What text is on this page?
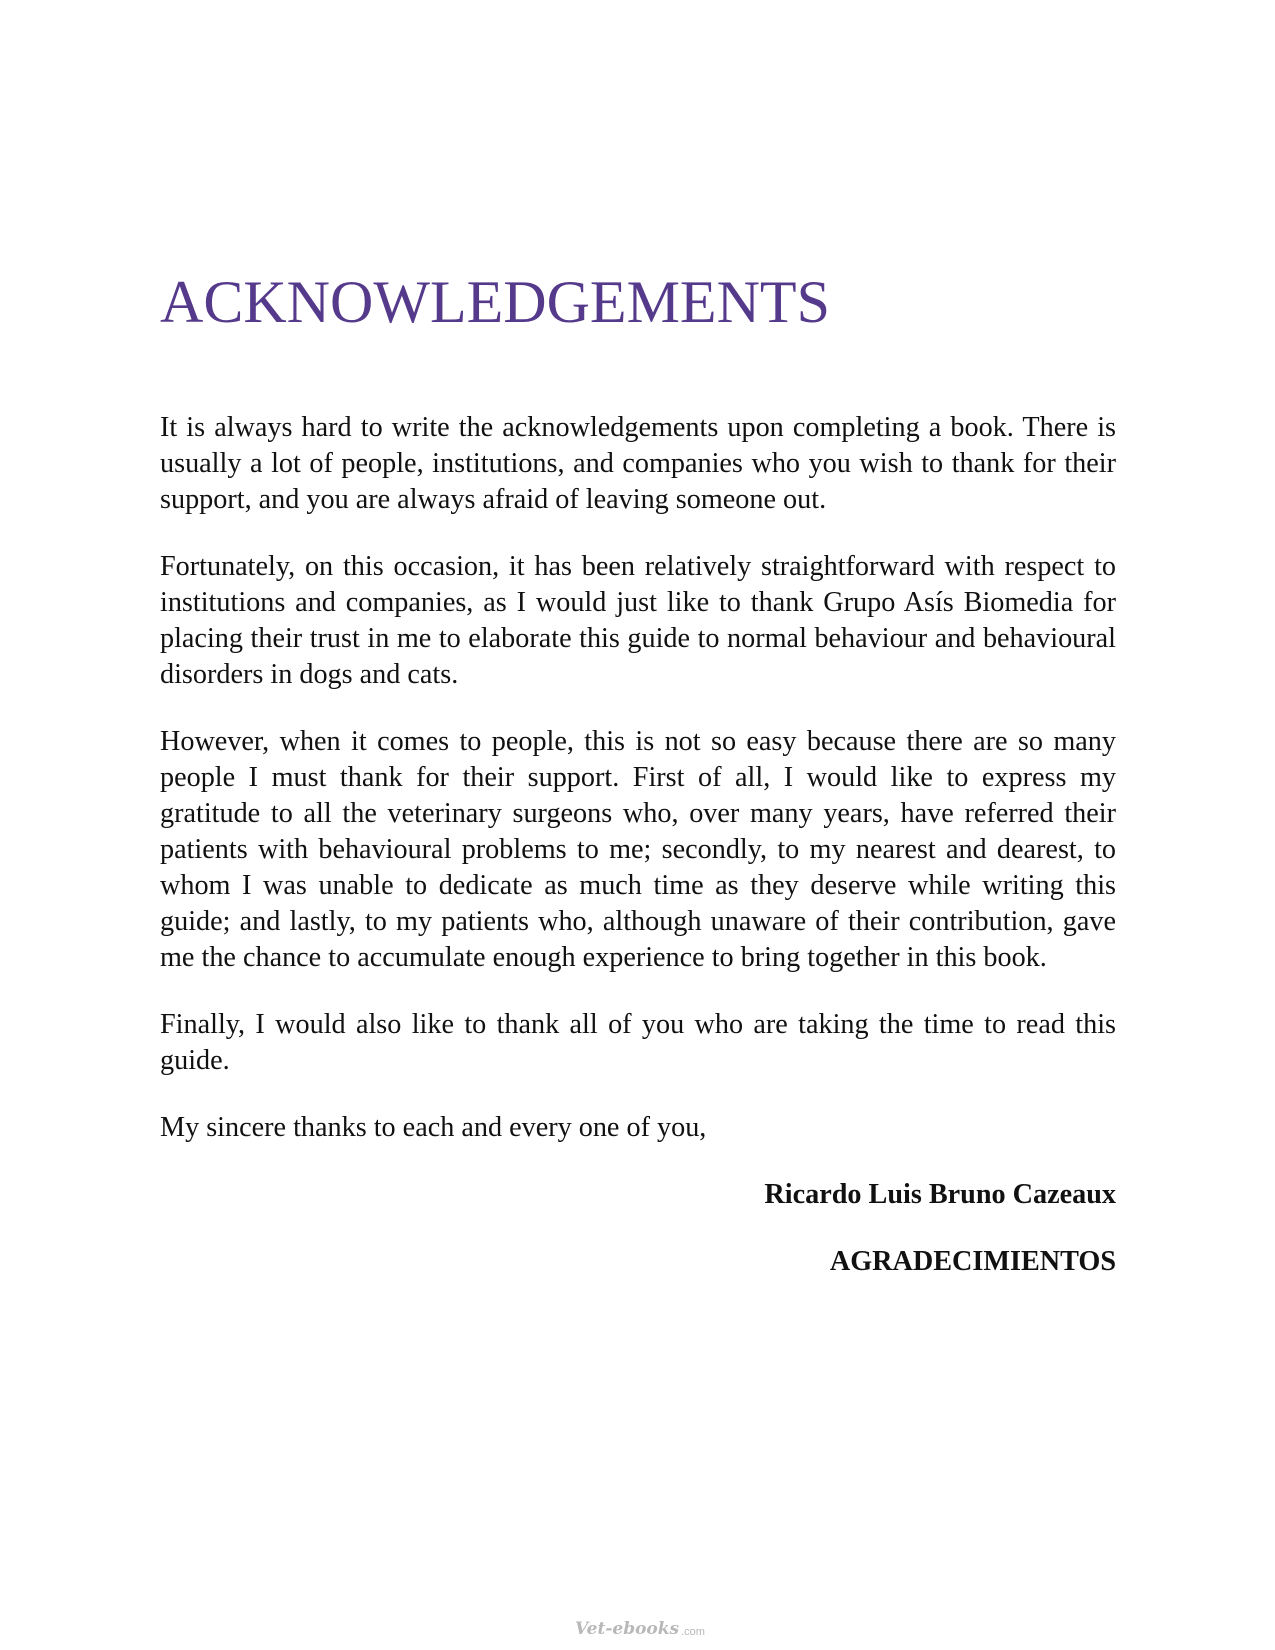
ACKNOWLEDGEMENTS

It is always hard to write the acknowledgements upon completing a book. There is usually a lot of people, institutions, and companies who you wish to thank for their support, and you are always afraid of leaving someone out.

Fortunately, on this occasion, it has been relatively straightforward with respect to institutions and companies, as I would just like to thank Grupo Asís Biomedia for placing their trust in me to elaborate this guide to normal behaviour and behavioural disorders in dogs and cats.

However, when it comes to people, this is not so easy because there are so many people I must thank for their support. First of all, I would like to express my gratitude to all the veterinary surgeons who, over many years, have referred their patients with behavioural problems to me; secondly, to my nearest and dearest, to whom I was unable to dedicate as much time as they deserve while writing this guide; and lastly, to my patients who, although unaware of their contribution, gave me the chance to accumulate enough experience to bring together in this book.

Finally, I would also like to thank all of you who are taking the time to read this guide.

My sincere thanks to each and every one of you,

Ricardo Luis Bruno Cazeaux

AGRADECIMIENTOS

Vet-ebooks .com
